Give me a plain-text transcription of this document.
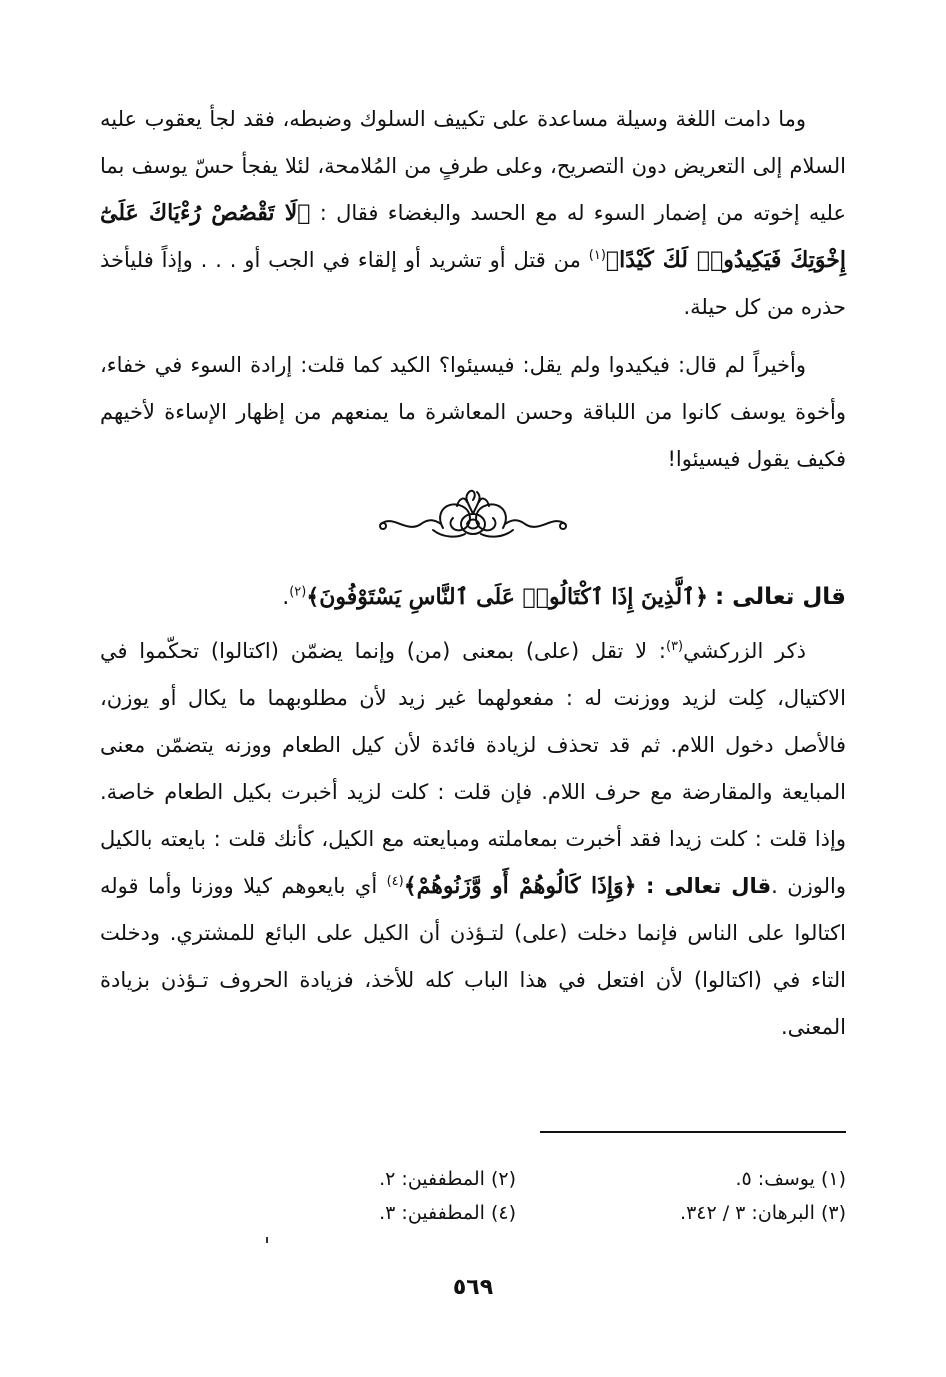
وما دامت اللغة وسيلة مساعدة على تكييف السلوك وضبطه، فقد لجأ يعقوب عليه السلام إلى التعريض دون التصريح، وعلى طرفٍ من المُلامحة، لئلا يفجأ حسّ يوسف بما عليه إخوته من إضمار السوء له مع الحسد والبغضاء فقال : ﴿لَا تَقْصُصْ رُءْيَاكَ عَلَىٰٓ إِخْوَتِكَ فَيَكِيدُوا۟ لَكَ كَيْدًا﴾$^{(١)}$ من قتل أو تشريد أو إلقاء في الجب أو . . . وإذاً فليأخذ حذره من كل حيلة.

وأخيراً لم قال: فيكيدوا ولم يقل: فيسيئوا؟ الكيد كما قلت: إرادة السوء في خفاء، وأخوة يوسف كانوا من اللباقة وحسن المعاشرة ما يمنعهم من إظهار الإساءة لأخيهم فكيف يقول فيسيئوا!

قال تعالى : ﴿ٱلَّذِينَ إِذَا ٱكْتَالُوا۟ عَلَى ٱلنَّاسِ يَسْتَوْفُونَ﴾$^{(٢)}$.

ذكر الزركشي$^{(٣)}$: لا تقل (على) بمعنى (من) وإنما يضمّن (اكتالوا) تحكّموا في الاكتيال، كِلت لزيد ووزنت له : مفعولهما غير زيد لأن مطلوبهما ما يكال أو يوزن، فالأصل دخول اللام. ثم قد تحذف لزيادة فائدة لأن كيل الطعام ووزنه يتضمّن معنى المبايعة والمقارضة مع حرف اللام. فإن قلت : كلت لزيد أخبرت بكيل الطعام خاصة. وإذا قلت : كلت زيدا فقد أخبرت بمعاملته ومبايعته مع الكيل، كأنك قلت : بايعته بالكيل والوزن .قال تعالى : ﴿وَإِذَا كَالُوهُمْ أَو وَّزَنُوهُمْ﴾$^{(٤)}$ أي بايعوهم كيلا ووزنا وأما قوله اكتالوا على الناس فإنما دخلت (على) لتـؤذن أن الكيل على البائع للمشتري. ودخلت التاء في (اكتالوا) لأن افتعل في هذا الباب كله للأخذ، فزيادة الحروف تـؤذن بزيادة المعنى.

(١) يوسف: ٥.
(٢) المطففين: ٢.
(٣) البرهان: ٣ / ٣٤٢.
(٤) المطففين: ٣.
٥٦٩
